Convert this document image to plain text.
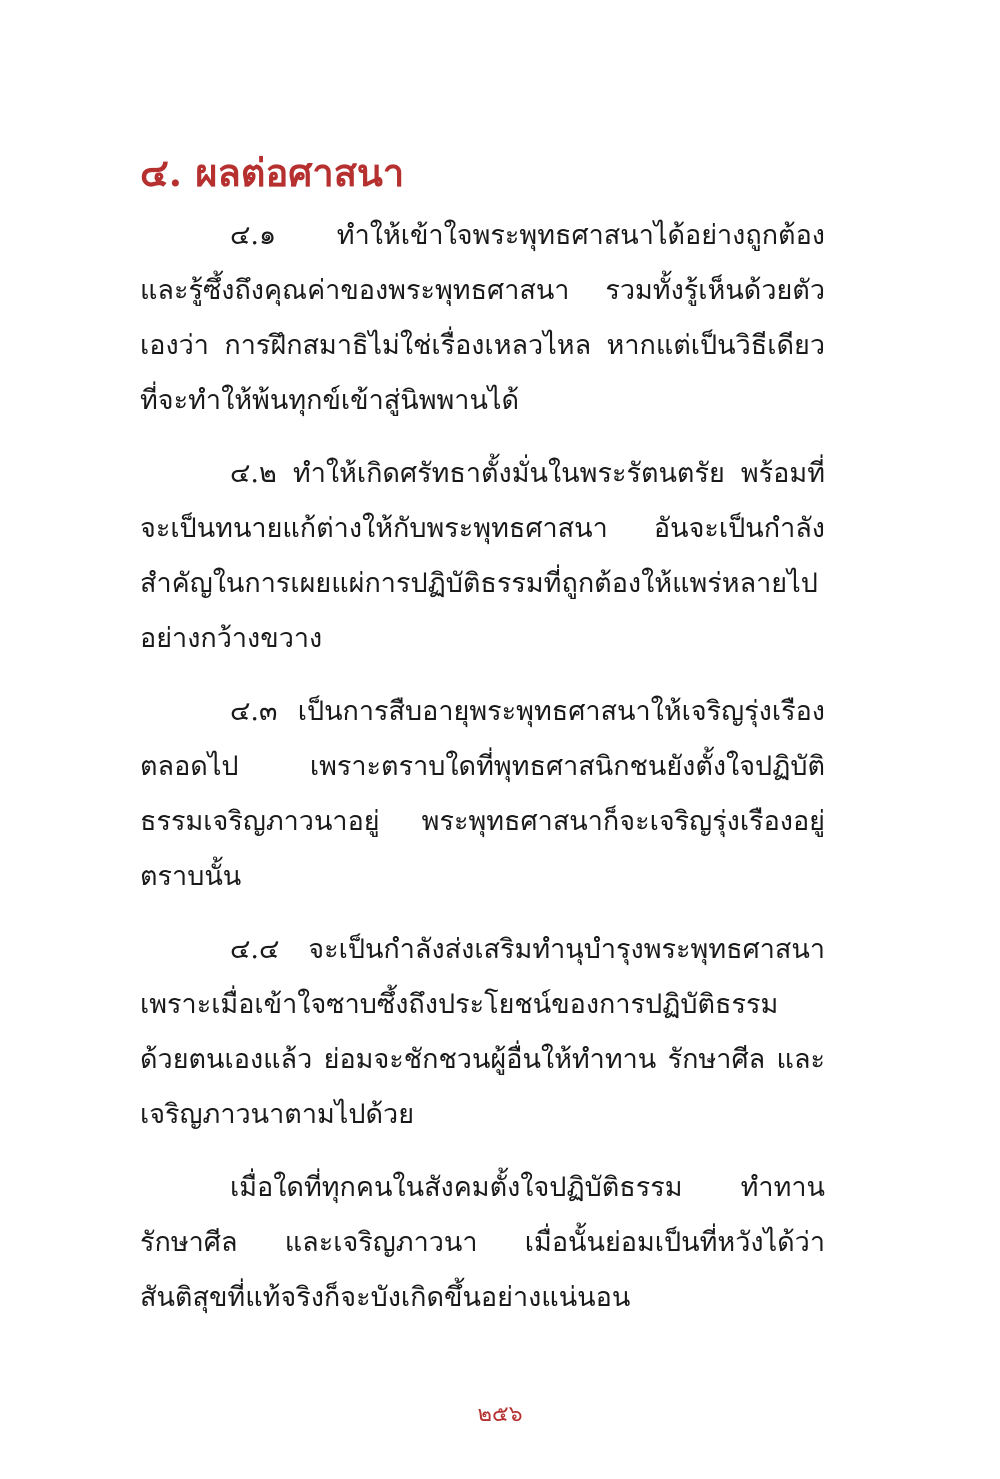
๔. ผลต่อศาสนา

๔.๑ ทำให้เข้าใจพระพุทธศาสนาได้อย่างถูกต้อง และรู้ซึ้งถึงคุณค่าของพระพุทธศาสนา รวมทั้งรู้เห็นด้วยตัวเองว่า การฝึกสมาธิไม่ใช่เรื่องเหลวไหล หากแต่เป็นวิธีเดียวที่จะทำให้พ้นทุกข์เข้าสู่นิพพานได้

๔.๒ ทำให้เกิดศรัทธาตั้งมั่นในพระรัตนตรัย พร้อมที่จะเป็นทนายแก้ต่างให้กับพระพุทธศาสนา อันจะเป็นกำลังสำคัญในการเผยแผ่การปฏิบัติธรรมที่ถูกต้องให้แพร่หลายไปอย่างกว้างขวาง

๔.๓ เป็นการสืบอายุพระพุทธศาสนาให้เจริญรุ่งเรืองตลอดไป เพราะตราบใดที่พุทธศาสนิกชนยังตั้งใจปฏิบัติธรรมเจริญภาวนาอยู่ พระพุทธศาสนาก็จะเจริญรุ่งเรืองอยู่ตราบนั้น

๔.๔ จะเป็นกำลังส่งเสริมทำนุบำรุงพระพุทธศาสนา เพราะเมื่อเข้าใจซาบซึ้งถึงประโยชน์ของการปฏิบัติธรรมด้วยตนเองแล้ว ย่อมจะชักชวนผู้อื่นให้ทำทาน รักษาศีล และเจริญภาวนาตามไปด้วย

เมื่อใดที่ทุกคนในสังคมตั้งใจปฏิบัติธรรม ทำทาน รักษาศีล และเจริญภาวนา เมื่อนั้นย่อมเป็นที่หวังได้ว่า สันติสุขที่แท้จริงก็จะบังเกิดขึ้นอย่างแน่นอน

๒๕๖
